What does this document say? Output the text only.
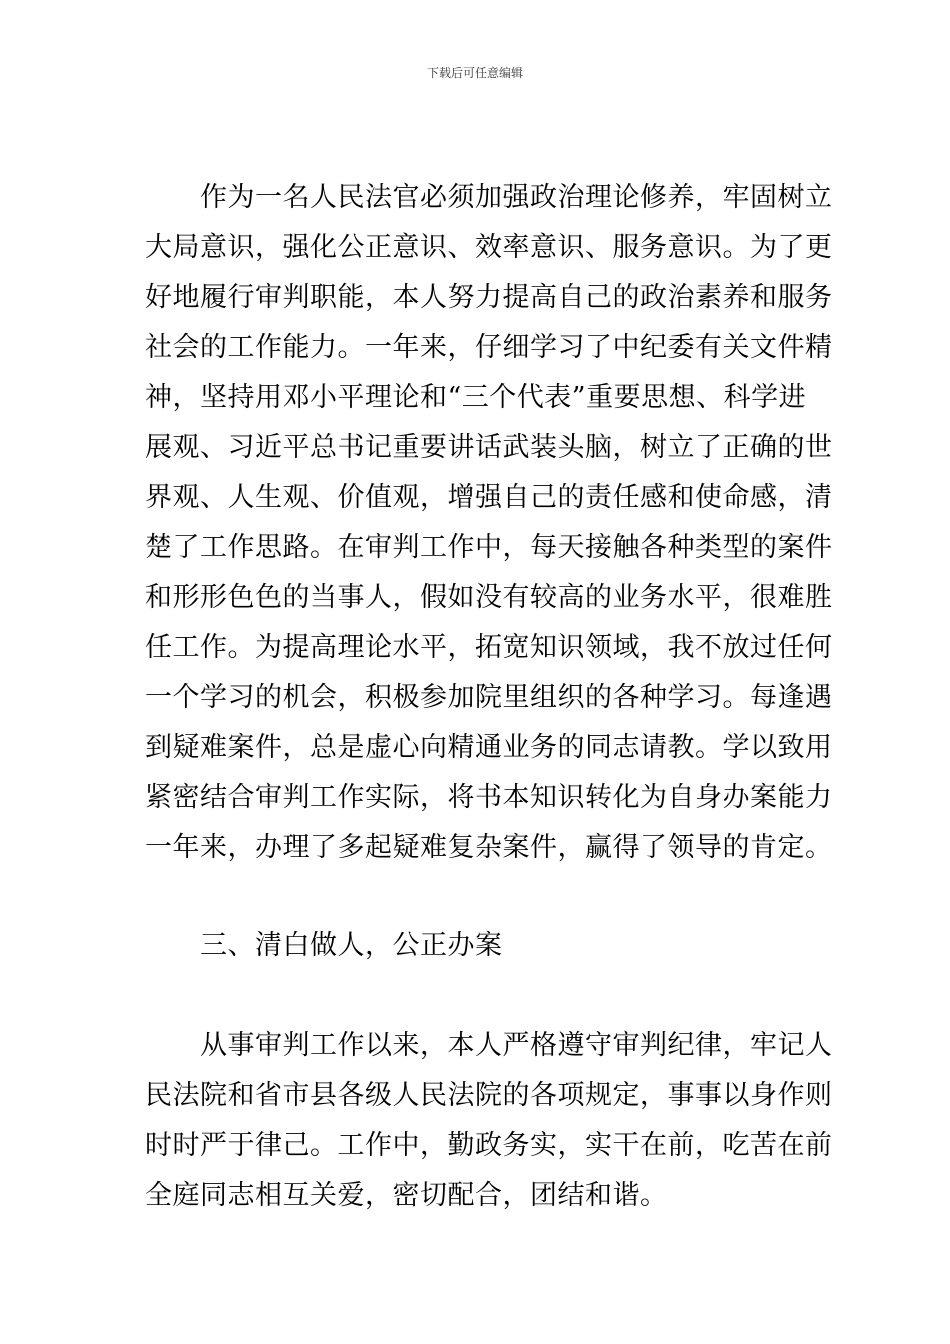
下载后可任意编辑
　　作为一名人民法官必须加强政治理论修养，牢固树立
大局意识，强化公正意识、效率意识、服务意识。为了更
好地履行审判职能，本人努力提高自己的政治素养和服务
社会的工作能力。一年来，仔细学习了中纪委有关文件精
神，坚持用邓小平理论和“三个代表”重要思想、科学进
展观、习近平总书记重要讲话武装头脑，树立了正确的世
界观、人生观、价值观，增强自己的责任感和使命感，清
楚了工作思路。在审判工作中，每天接触各种类型的案件
和形形色色的当事人，假如没有较高的业务水平，很难胜
任工作。为提高理论水平，拓宽知识领域，我不放过任何
一个学习的机会，积极参加院里组织的各种学习。每逢遇
到疑难案件，总是虚心向精通业务的同志请教。学以致用
紧密结合审判工作实际，将书本知识转化为自身办案能力
一年来，办理了多起疑难复杂案件，赢得了领导的肯定。
　　三、清白做人，公正办案
　　从事审判工作以来，本人严格遵守审判纪律，牢记人
民法院和省市县各级人民法院的各项规定，事事以身作则
时时严于律己。工作中，勤政务实，实干在前，吃苦在前
全庭同志相互关爱，密切配合，团结和谐。
